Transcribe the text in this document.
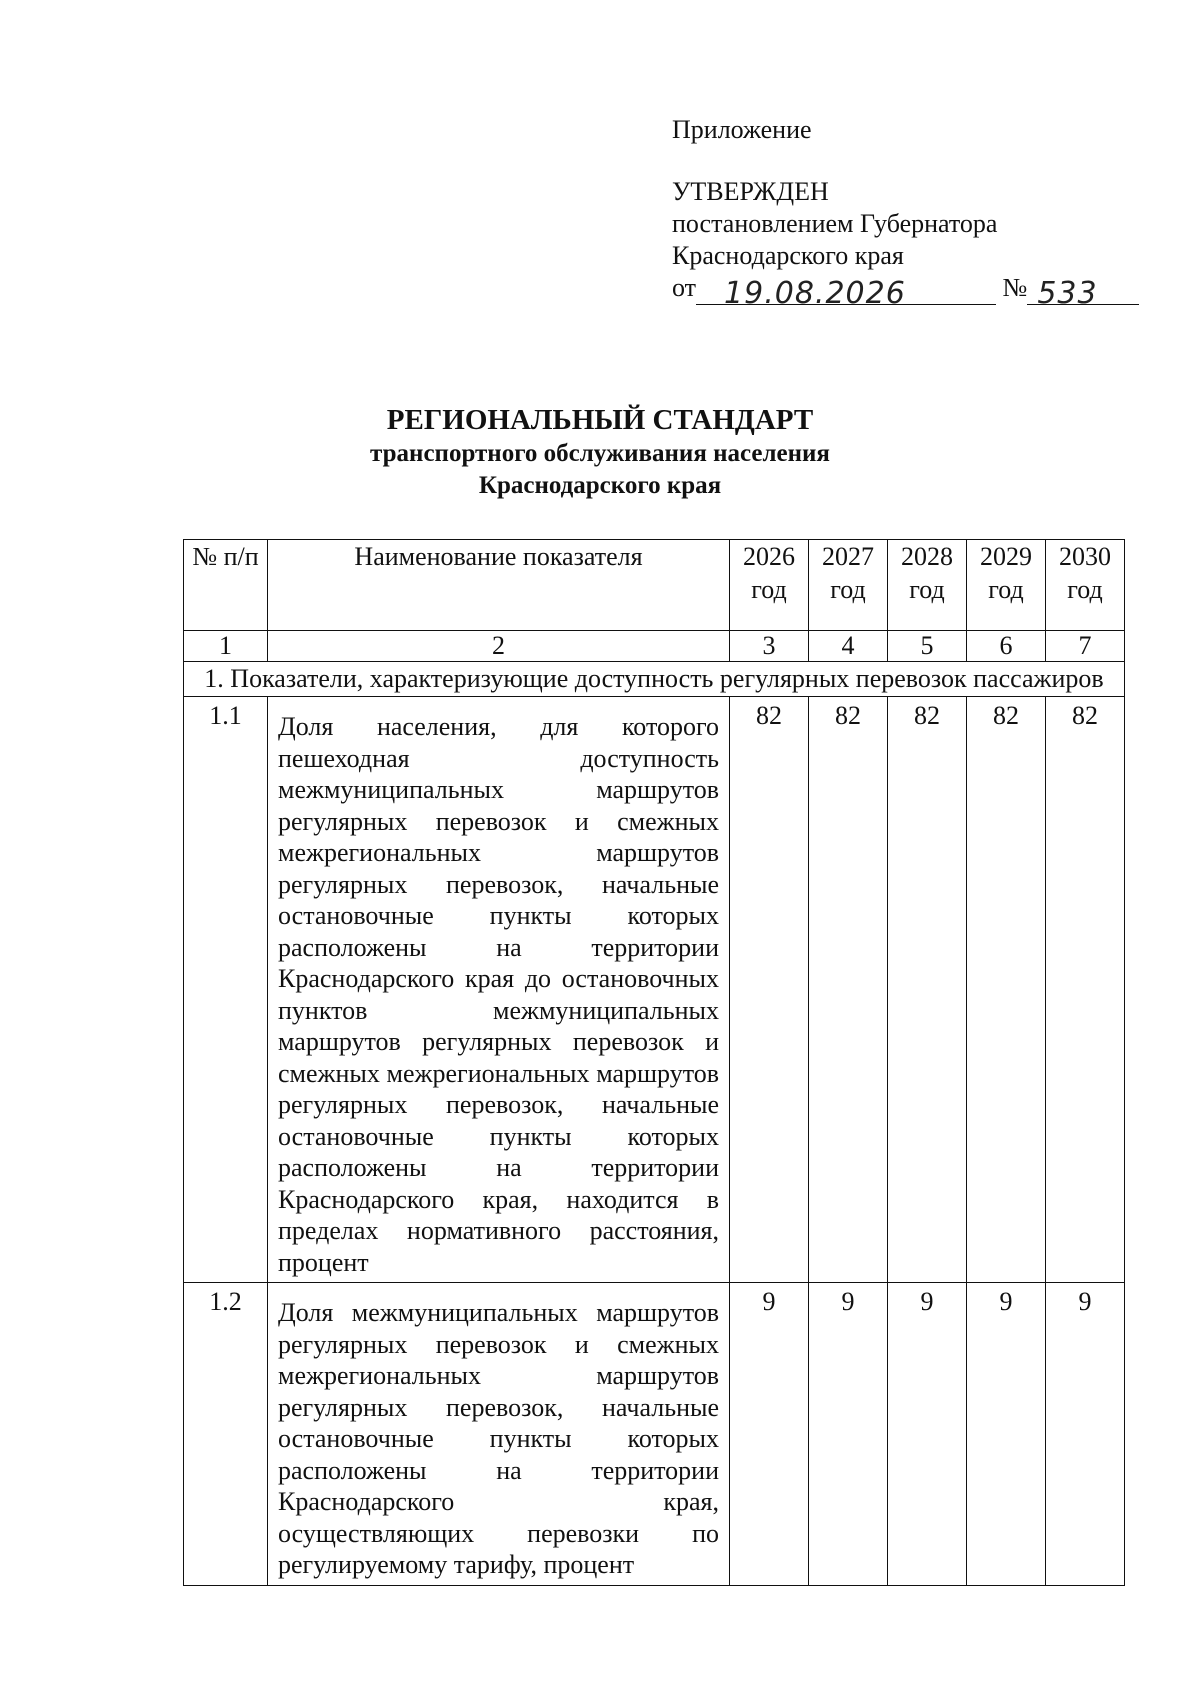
Приложение
УТВЕРЖДЕН
постановлением Губернатора
Краснодарского края
от 19.08.2026	№ 533
РЕГИОНАЛЬНЫЙ СТАНДАРТ
транспортного обслуживания населения
Краснодарского края
№ п/п	Наименование показателя	2026 год	2027 год	2028 год	2029 год	2030 год
1	2	3	4	5	6	7
1. Показатели, характеризующие доступность регулярных перевозок пассажиров						
1.1	Доля населения, для которого пешеходная доступность межмуниципальных маршрутов регулярных перевозок и смежных межрегиональных маршрутов регулярных перевозок, начальные остановочные пункты которых расположены на территории Краснодарского края до остановочных пунктов межмуниципальных маршрутов регулярных перевозок и смежных межрегиональных маршрутов регулярных перевозок, начальные остановочные пункты которых расположены на территории Краснодарского края, находится в пределах нормативного расстояния, процент	82	82	82	82	82
1.2	Доля межмуниципальных маршрутов регулярных перевозок и смежных межрегиональных маршрутов регулярных перевозок, начальные остановочные пункты которых расположены на территории Краснодарского края, осуществляющих перевозки по регулируемому тарифу, процент	9	9	9	9	9
